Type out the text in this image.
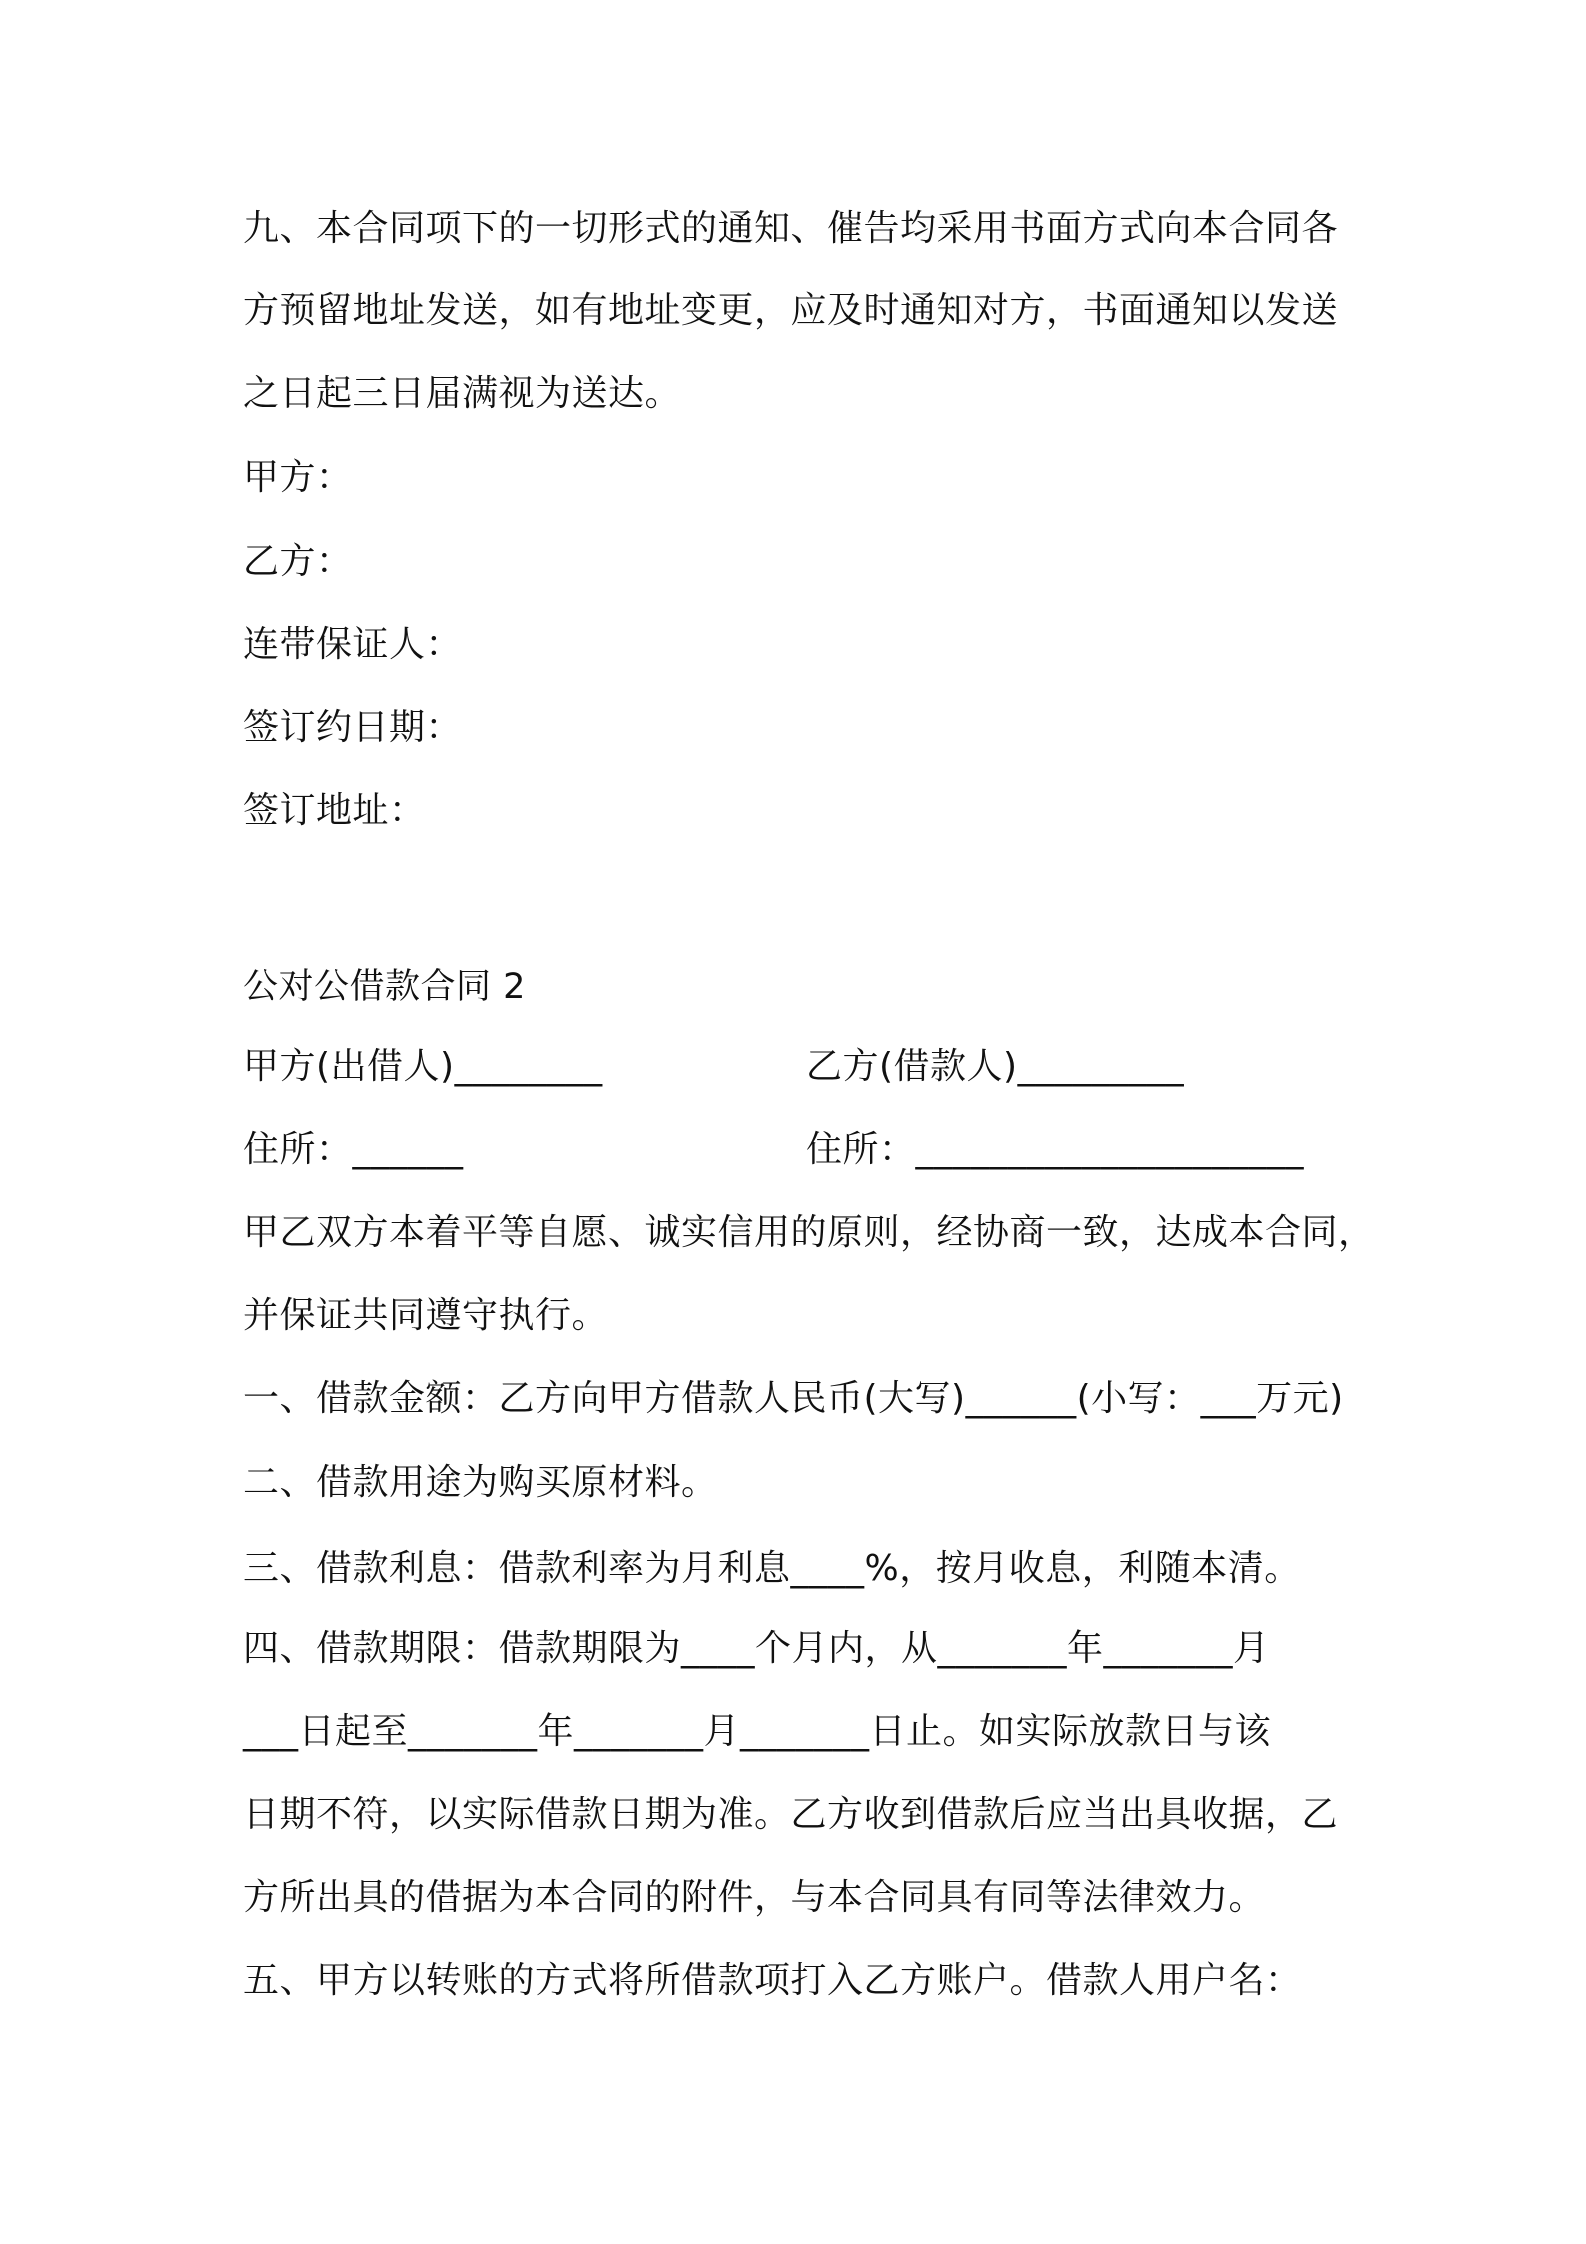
九、本合同项下的一切形式的通知、催告均采用书面方式向本合同各
方预留地址发送，如有地址变更，应及时通知对方，书面通知以发送
之日起三日届满视为送达。
甲方：
乙方：
连带保证人：
签订约日期：
签订地址：
公对公借款合同 2
甲方(出借人)________	乙方(借款人)_________
住所：______	住所：_____________________
甲乙双方本着平等自愿、诚实信用的原则，经协商一致，达成本合同，
并保证共同遵守执行。
一、借款金额：乙方向甲方借款人民币(大写)______(小写：___万元)
二、借款用途为购买原材料。
三、借款利息：借款利率为月利息____%，按月收息，利随本清。
四、借款期限：借款期限为____个月内，从_______年_______月
___日起至_______年_______月_______日止。如实际放款日与该
日期不符，以实际借款日期为准。乙方收到借款后应当出具收据，乙
方所出具的借据为本合同的附件，与本合同具有同等法律效力。
五、甲方以转账的方式将所借款项打入乙方账户。借款人用户名：
